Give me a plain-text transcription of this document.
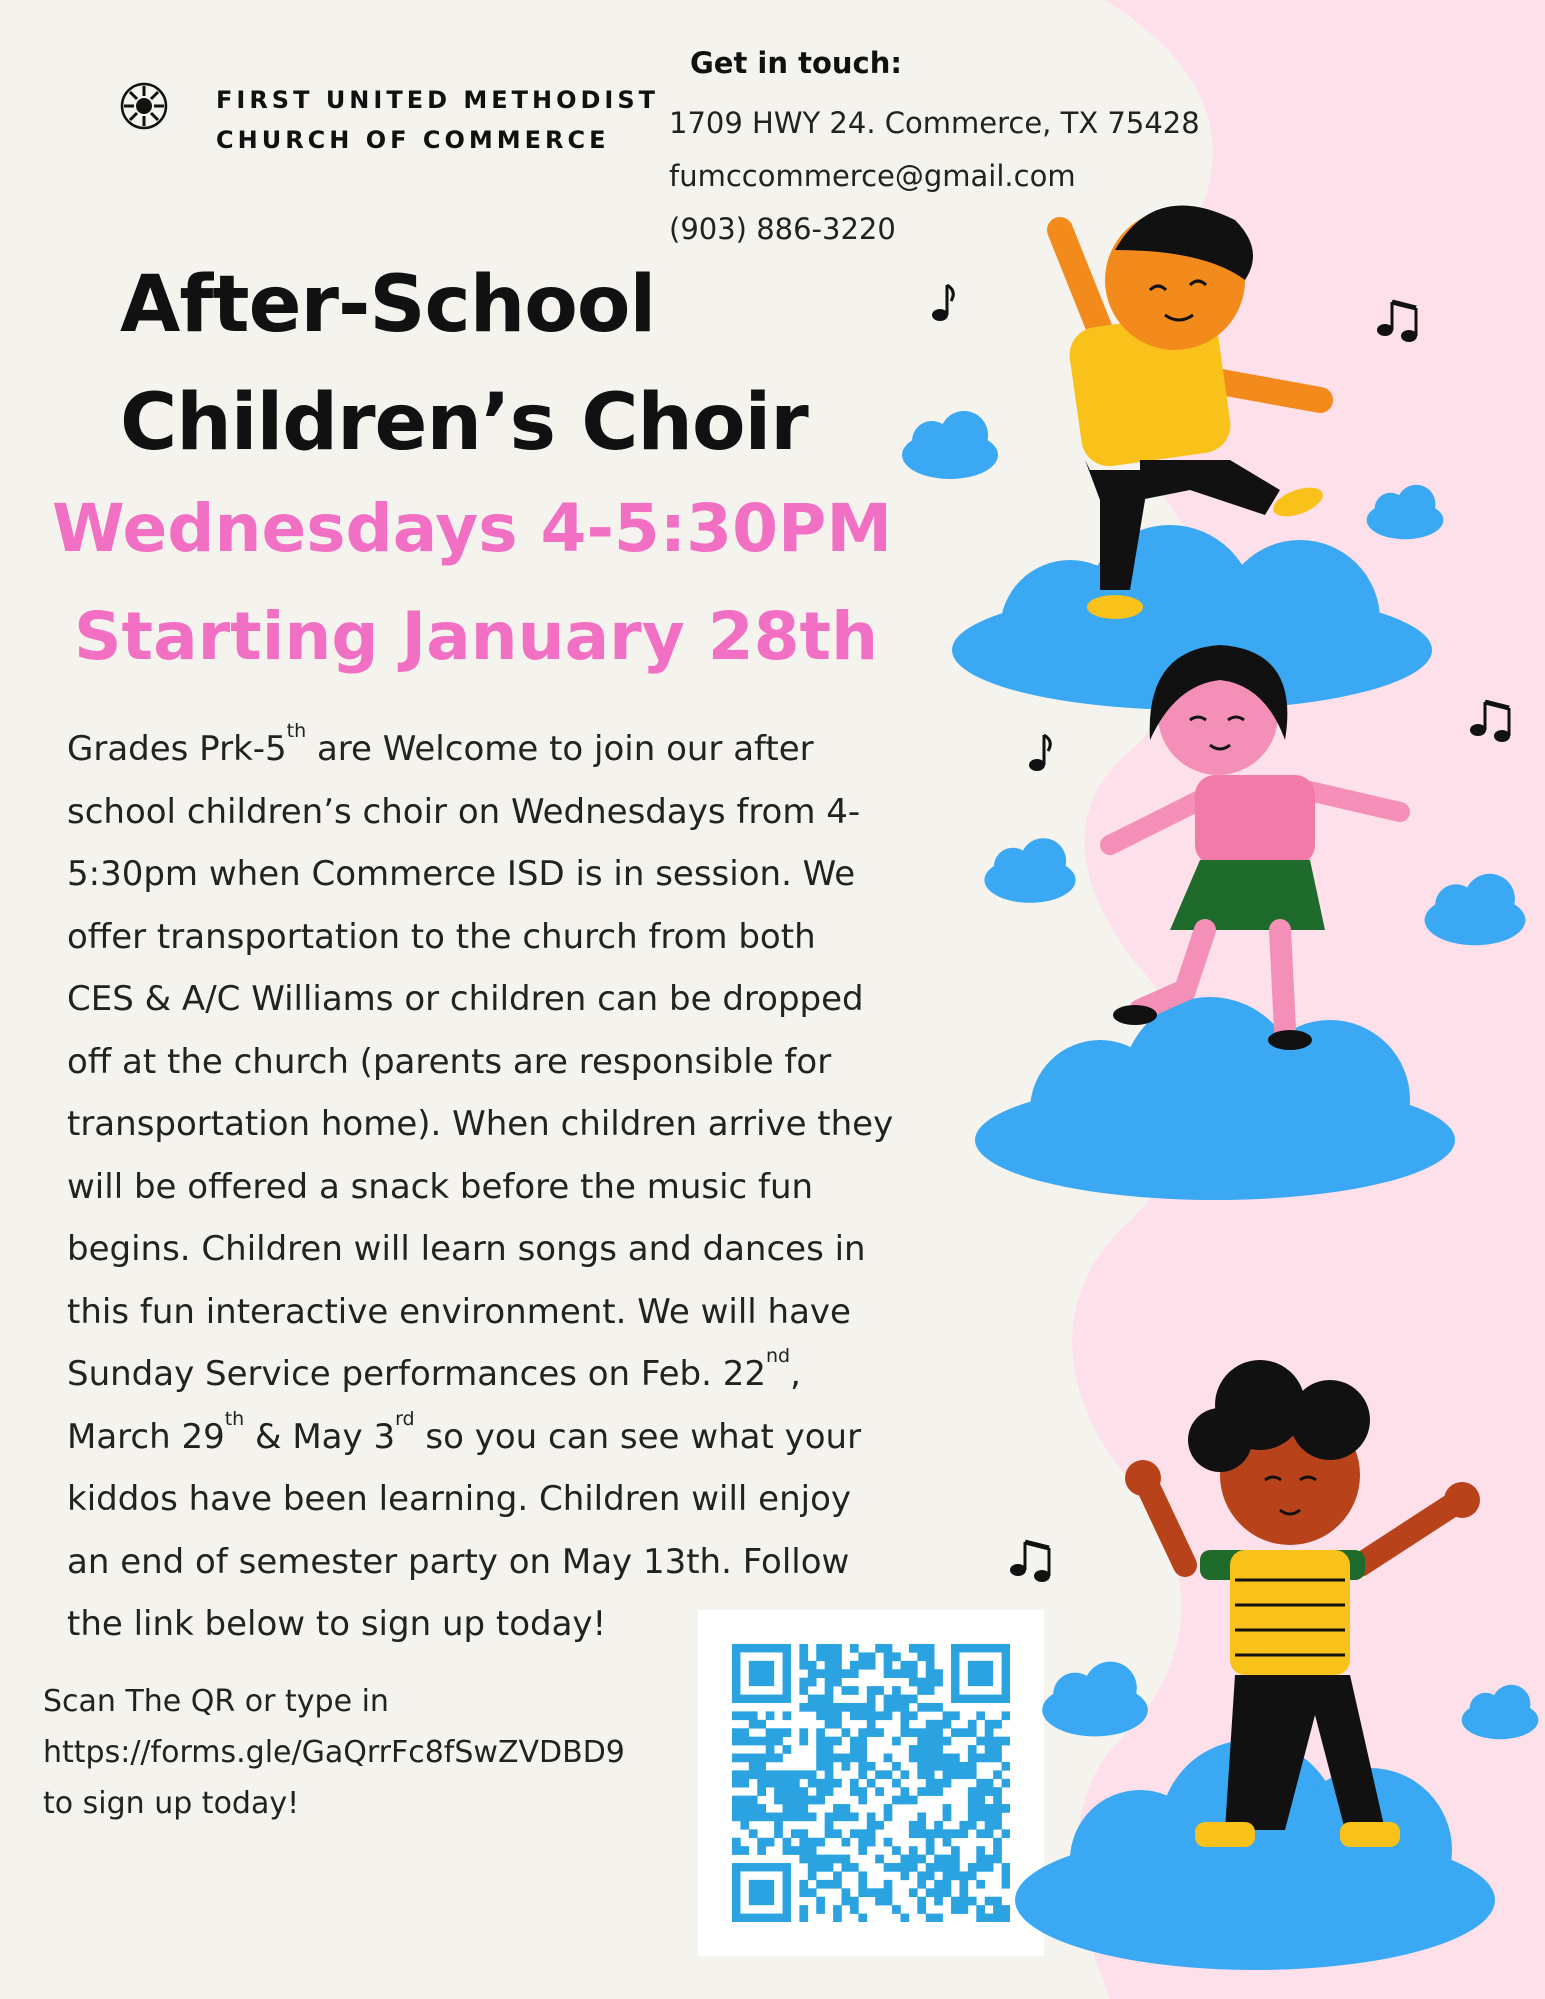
FIRST UNITED METHODIST
CHURCH OF COMMERCE
Get in touch:
1709 HWY 24. Commerce, TX 75428
fumccommerce@gmail.com
(903) 886-3220
After-School
Children’s Choir
Wednesdays 4-5:30PM
Starting January 28th
Grades Prk-5th are Welcome to join our after
school children’s choir on Wednesdays from 4-
5:30pm when Commerce ISD is in session. We
offer transportation to the church from both
CES & A/C Williams or children can be dropped
off at the church (parents are responsible for
transportation home). When children arrive they
will be offered a snack before the music fun
begins. Children will learn songs and dances in
this fun interactive environment. We will have
Sunday Service performances on Feb. 22nd,
March 29th & May 3rd so you can see what your
kiddos have been learning. Children will enjoy
an end of semester party on May 13th. Follow
the link below to sign up today!
Scan The QR or type in
https://forms.gle/GaQrrFc8fSwZVDBD9
to sign up today!
